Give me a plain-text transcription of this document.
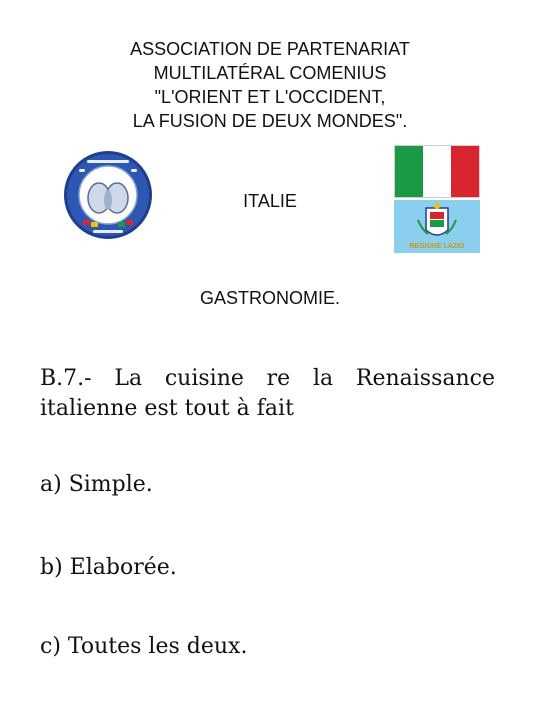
ASSOCIATION DE PARTENARIAT
MULTILATÉRAL COMENIUS
"L'ORIENT ET L'OCCIDENT,
LA FUSION DE DEUX MONDES".
REGIONE LAZIO
ITALIE
GASTRONOMIE.
B.7.- La cuisine re la Renaissance italienne est tout à fait
a) Simple.
b) Elaborée.
c) Toutes les deux.
